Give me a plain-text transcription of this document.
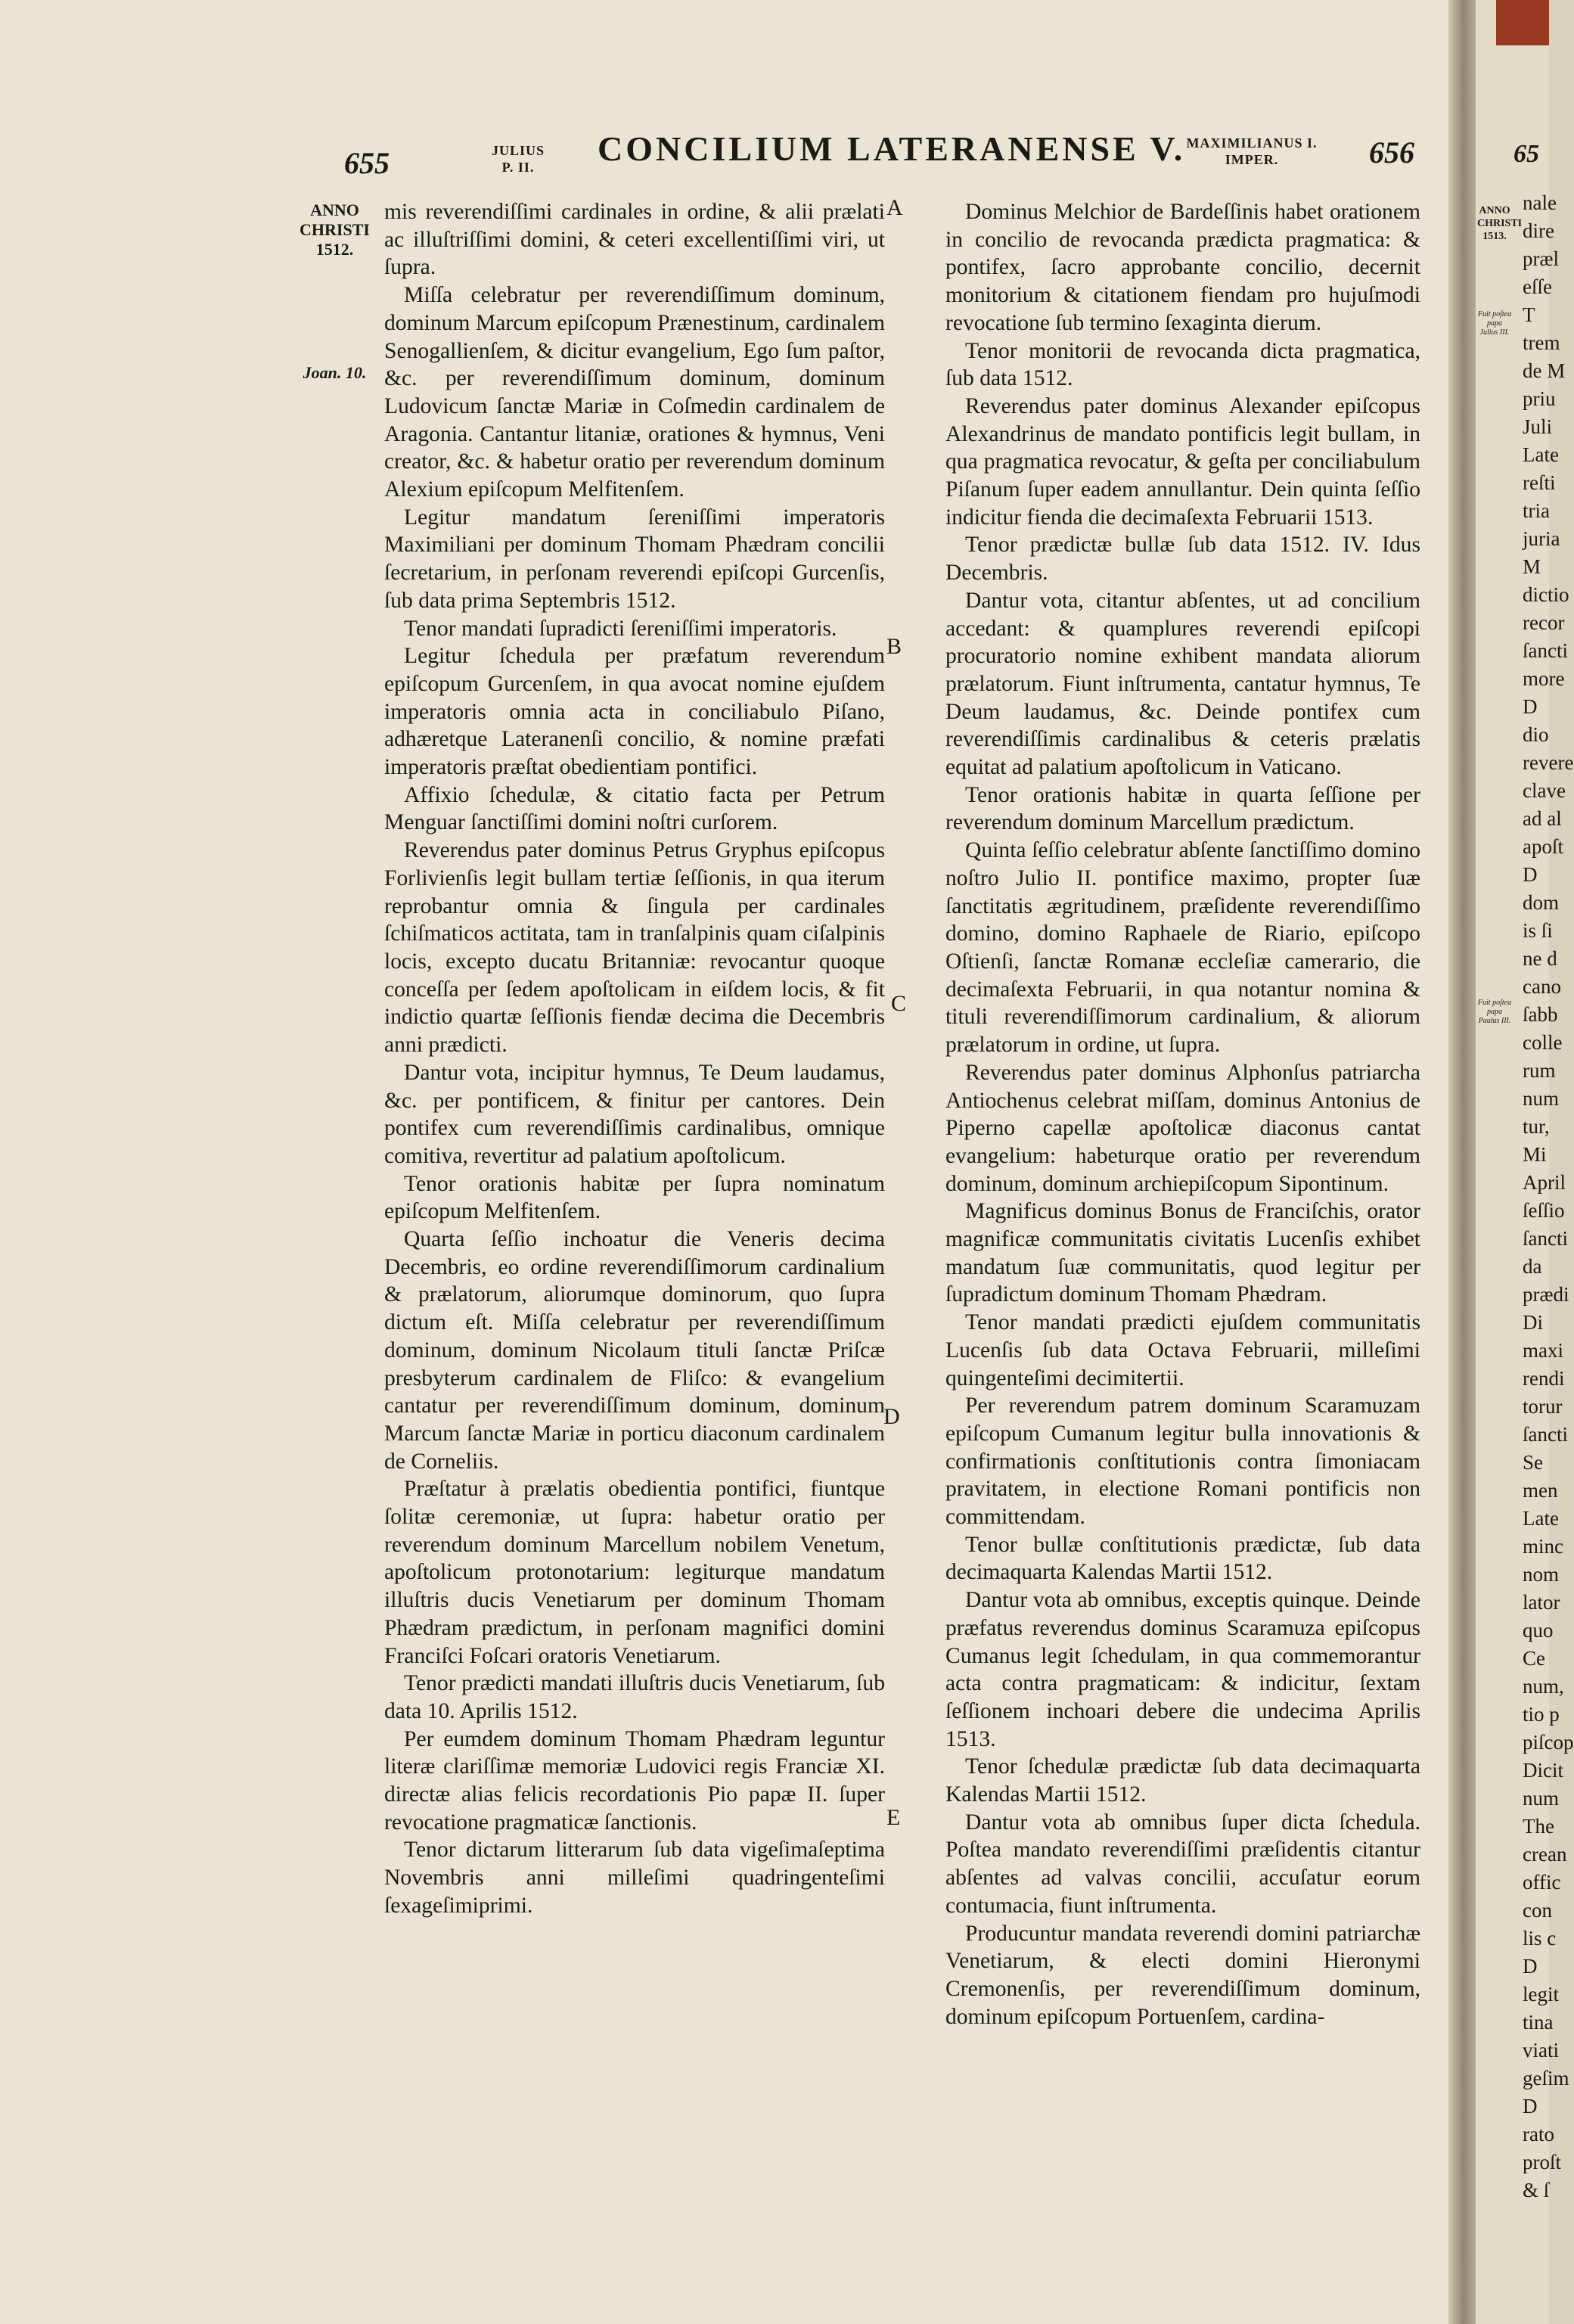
655	JULIUS
P. II.	CONCILIUM LATERANENSE V. MAXIMILIANUS I.
IMPER.	656
ANNO
CHRISTI
1512.
Joan. 10.
A
B
C
D
E

mis reverendiſſimi cardinales in ordine, & alii prælati ac illuſtriſſimi domini, & ceteri excellentiſſimi viri, ut ſupra.

Miſſa celebratur per reverendiſſimum dominum, dominum Marcum epiſcopum Prænestinum, cardinalem Senogallienſem, & dicitur evangelium, Ego ſum paſtor, &c. per reverendiſſimum dominum, dominum Ludovicum ſanctæ Mariæ in Coſmedin cardinalem de Aragonia. Cantantur litaniæ, orationes & hymnus, Veni creator, &c. & habetur oratio per reverendum dominum Alexium epiſcopum Melfitenſem.

Legitur mandatum ſereniſſimi imperatoris Maximiliani per dominum Thomam Phædram concilii ſecretarium, in perſonam reverendi epiſcopi Gurcenſis, ſub data prima Septembris 1512.

Tenor mandati ſupradicti ſereniſſimi imperatoris.

Legitur ſchedula per præfatum reverendum epiſcopum Gurcenſem, in qua avocat nomine ejuſdem imperatoris omnia acta in conciliabulo Piſano, adhæretque Lateranenſi concilio, & nomine præfati imperatoris præſtat obedientiam pontifici.

Affixio ſchedulæ, & citatio facta per Petrum Menguar ſanctiſſimi domini noſtri curſorem.

Reverendus pater dominus Petrus Gryphus epiſcopus Forlivienſis legit bullam tertiæ ſeſſionis, in qua iterum reprobantur omnia & ſingula per cardinales ſchiſmaticos actitata, tam in tranſalpinis quam ciſalpinis locis, excepto ducatu Britanniæ: revocantur quoque conceſſa per ſedem apoſtolicam in eiſdem locis, & fit indictio quartæ ſeſſionis fiendæ decima die Decembris anni prædicti.

Dantur vota, incipitur hymnus, Te Deum laudamus, &c. per pontificem, & finitur per cantores. Dein pontifex cum reverendiſſimis cardinalibus, omnique comitiva, revertitur ad palatium apoſtolicum.

Tenor orationis habitæ per ſupra nominatum epiſcopum Melfitenſem.

Quarta ſeſſio inchoatur die Veneris decima Decembris, eo ordine reverendiſſimorum cardinalium & prælatorum, aliorumque dominorum, quo ſupra dictum eſt. Miſſa celebratur per reverendiſſimum dominum, dominum Nicolaum tituli ſanctæ Priſcæ presbyterum cardinalem de Fliſco: & evangelium cantatur per reverendiſſimum dominum, dominum Marcum ſanctæ Mariæ in porticu diaconum cardinalem de Corneliis.

Præſtatur à prælatis obedientia pontifici, fiuntque ſolitæ ceremoniæ, ut ſupra: habetur oratio per reverendum dominum Marcellum nobilem Venetum, apoſtolicum protonotarium: legiturque mandatum illuſtris ducis Venetiarum per dominum Thomam Phædram prædictum, in perſonam magnifici domini Franciſci Foſcari oratoris Venetiarum.

Tenor prædicti mandati illuſtris ducis Venetiarum, ſub data 10. Aprilis 1512.

Per eumdem dominum Thomam Phædram leguntur literæ clariſſimæ memoriæ Ludovici regis Franciæ XI. directæ alias felicis recordationis Pio papæ II. ſuper revocatione pragmaticæ ſanctionis.

Tenor dictarum litterarum ſub data vigeſimaſeptima Novembris anni milleſimi quadringenteſimi ſexageſimiprimi.

Dominus Melchior de Bardeſſinis habet orationem in concilio de revocanda prædicta pragmatica: & pontifex, ſacro approbante concilio, decernit monitorium & citationem fiendam pro hujuſmodi revocatione ſub termino ſexaginta dierum.

Tenor monitorii de revocanda dicta pragmatica, ſub data 1512.

Reverendus pater dominus Alexander epiſcopus Alexandrinus de mandato pontificis legit bullam, in qua pragmatica revocatur, & geſta per conciliabulum Piſanum ſuper eadem annullantur. Dein quinta ſeſſio indicitur fienda die decimaſexta Februarii 1513.

Tenor prædictæ bullæ ſub data 1512. IV. Idus Decembris.

Dantur vota, citantur abſentes, ut ad concilium accedant: & quamplures reverendi epiſcopi procuratorio nomine exhibent mandata aliorum prælatorum. Fiunt inſtrumenta, cantatur hymnus, Te Deum laudamus, &c. Deinde pontifex cum reverendiſſimis cardinalibus & ceteris prælatis equitat ad palatium apoſtolicum in Vaticano.

Tenor orationis habitæ in quarta ſeſſione per reverendum dominum Marcellum prædictum.

Quinta ſeſſio celebratur abſente ſanctiſſimo domino noſtro Julio II. pontifice maximo, propter ſuæ ſanctitatis ægritudinem, præſidente reverendiſſimo domino, domino Raphaele de Riario, epiſcopo Oſtienſi, ſanctæ Romanæ eccleſiæ camerario, die decimaſexta Februarii, in qua notantur nomina & tituli reverendiſſimorum cardinalium, & aliorum prælatorum in ordine, ut ſupra.

Reverendus pater dominus Alphonſus patriarcha Antiochenus celebrat miſſam, dominus Antonius de Piperno capellæ apoſtolicæ diaconus cantat evangelium: habeturque oratio per reverendum dominum, dominum archiepiſcopum Sipontinum.

Magnificus dominus Bonus de Franciſchis, orator magnificæ communitatis civitatis Lucenſis exhibet mandatum ſuæ communitatis, quod legitur per ſupradictum dominum Thomam Phædram.

Tenor mandati prædicti ejuſdem communitatis Lucenſis ſub data Octava Februarii, milleſimi quingenteſimi decimitertii.

Per reverendum patrem dominum Scaramuzam epiſcopum Cumanum legitur bulla innovationis & confirmationis conſtitutionis contra ſimoniacam pravitatem, in electione Romani pontificis non committendam.

Tenor bullæ conſtitutionis prædictæ, ſub data decimaquarta Kalendas Martii 1512.

Dantur vota ab omnibus, exceptis quinque. Deinde præfatus reverendus dominus Scaramuza epiſcopus Cumanus legit ſchedulam, in qua commemorantur acta contra pragmaticam: & indicitur, ſextam ſeſſionem inchoari debere die undecima Aprilis 1513.

Tenor ſchedulæ prædictæ ſub data decimaquarta Kalendas Martii 1512.

Dantur vota ab omnibus ſuper dicta ſchedula. Poſtea mandato reverendiſſimi præſidentis citantur abſentes ad valvas concilii, accuſatur eorum contumacia, fiunt inſtrumenta.

Producuntur mandata reverendi domini patriarchæ Venetiarum, & electi domini Hieronymi Cremonenſis, per reverendiſſimum dominum, dominum epiſcopum Portuenſem, cardina-

65
ANNO
CHRISTI
1513.
Fuit poſtea papa Julius III.
Fuit poſtea papa Paulus III.
nale
dire
præl
eſſe
T
trem
de M
priu
Juli
Late
reſti
tria
juria
M
dictio
recor
ſancti
more
D
dio
revere
clave
ad al
apoſt
D
dom
is ſi
ne d
cano
ſabb
colle
rum
num
tur,
Mi
April
ſeſſio
ſancti
da
prædi
Di
maxi
rendi
torur
ſancti
Se
men
Late
minc
nom
lator
quo
Ce
num,
tio p
piſcop
Dicit
num
The
crean
offic
con
lis c
D
legit
tina
viati
geſim
D
rato
proſt
& ſ
